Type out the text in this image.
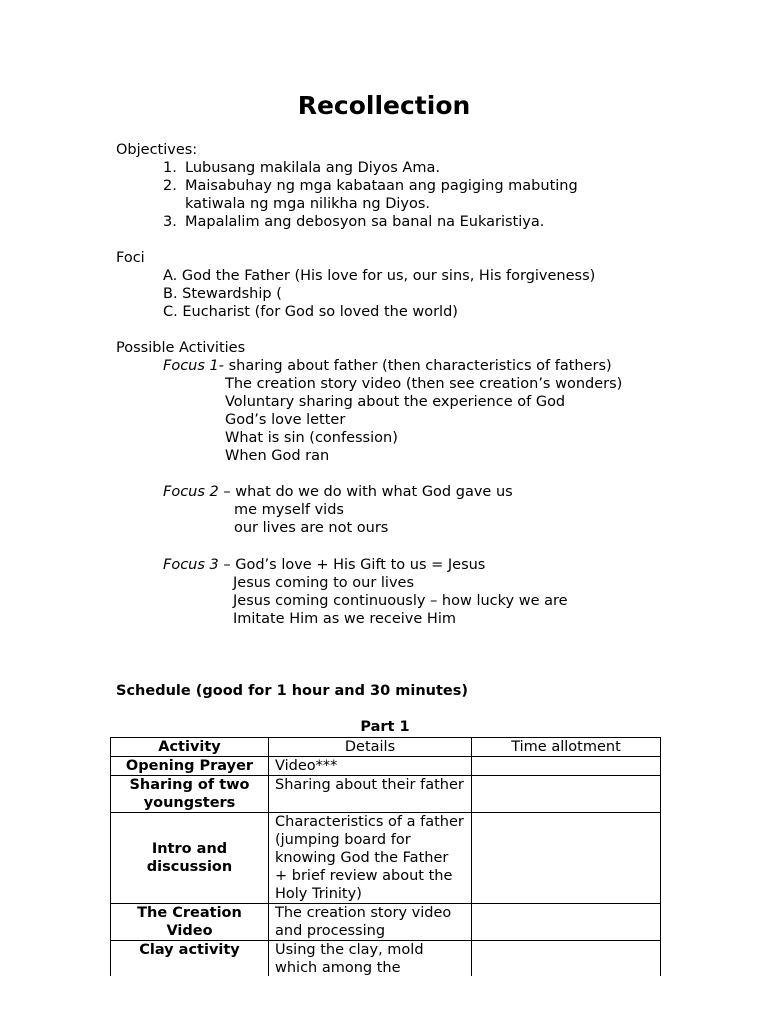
Recollection
Objectives:
1. Lubusang makilala ang Diyos Ama.
2. Maisabuhay ng mga kabataan ang pagiging mabuting
katiwala ng mga nilikha ng Diyos.
3. Mapalalim ang debosyon sa banal na Eukaristiya.
Foci
A. God the Father (His love for us, our sins, His forgiveness)
B. Stewardship (
C. Eucharist (for God so loved the world)
Possible Activities
Focus 1- sharing about father (then characteristics of fathers)
The creation story video (then see creation’s wonders)
Voluntary sharing about the experience of God
God’s love letter
What is sin (confession)
When God ran
Focus 2 – what do we do with what God gave us
me myself vids
our lives are not ours
Focus 3 – God’s love + His Gift to us = Jesus
Jesus coming to our lives
Jesus coming continuously – how lucky we are
Imitate Him as we receive Him
Schedule (good for 1 hour and 30 minutes)
Part 1
Activity	Details	Time allotment
Opening Prayer	Video***	
Sharing of two youngsters	Sharing about their father	
Intro and discussion	Characteristics of a father (jumping board for knowing God the Father + brief review about the Holy Trinity)	
The Creation Video	The creation story video and processing	
Clay activity	Using the clay, mold which among the	
